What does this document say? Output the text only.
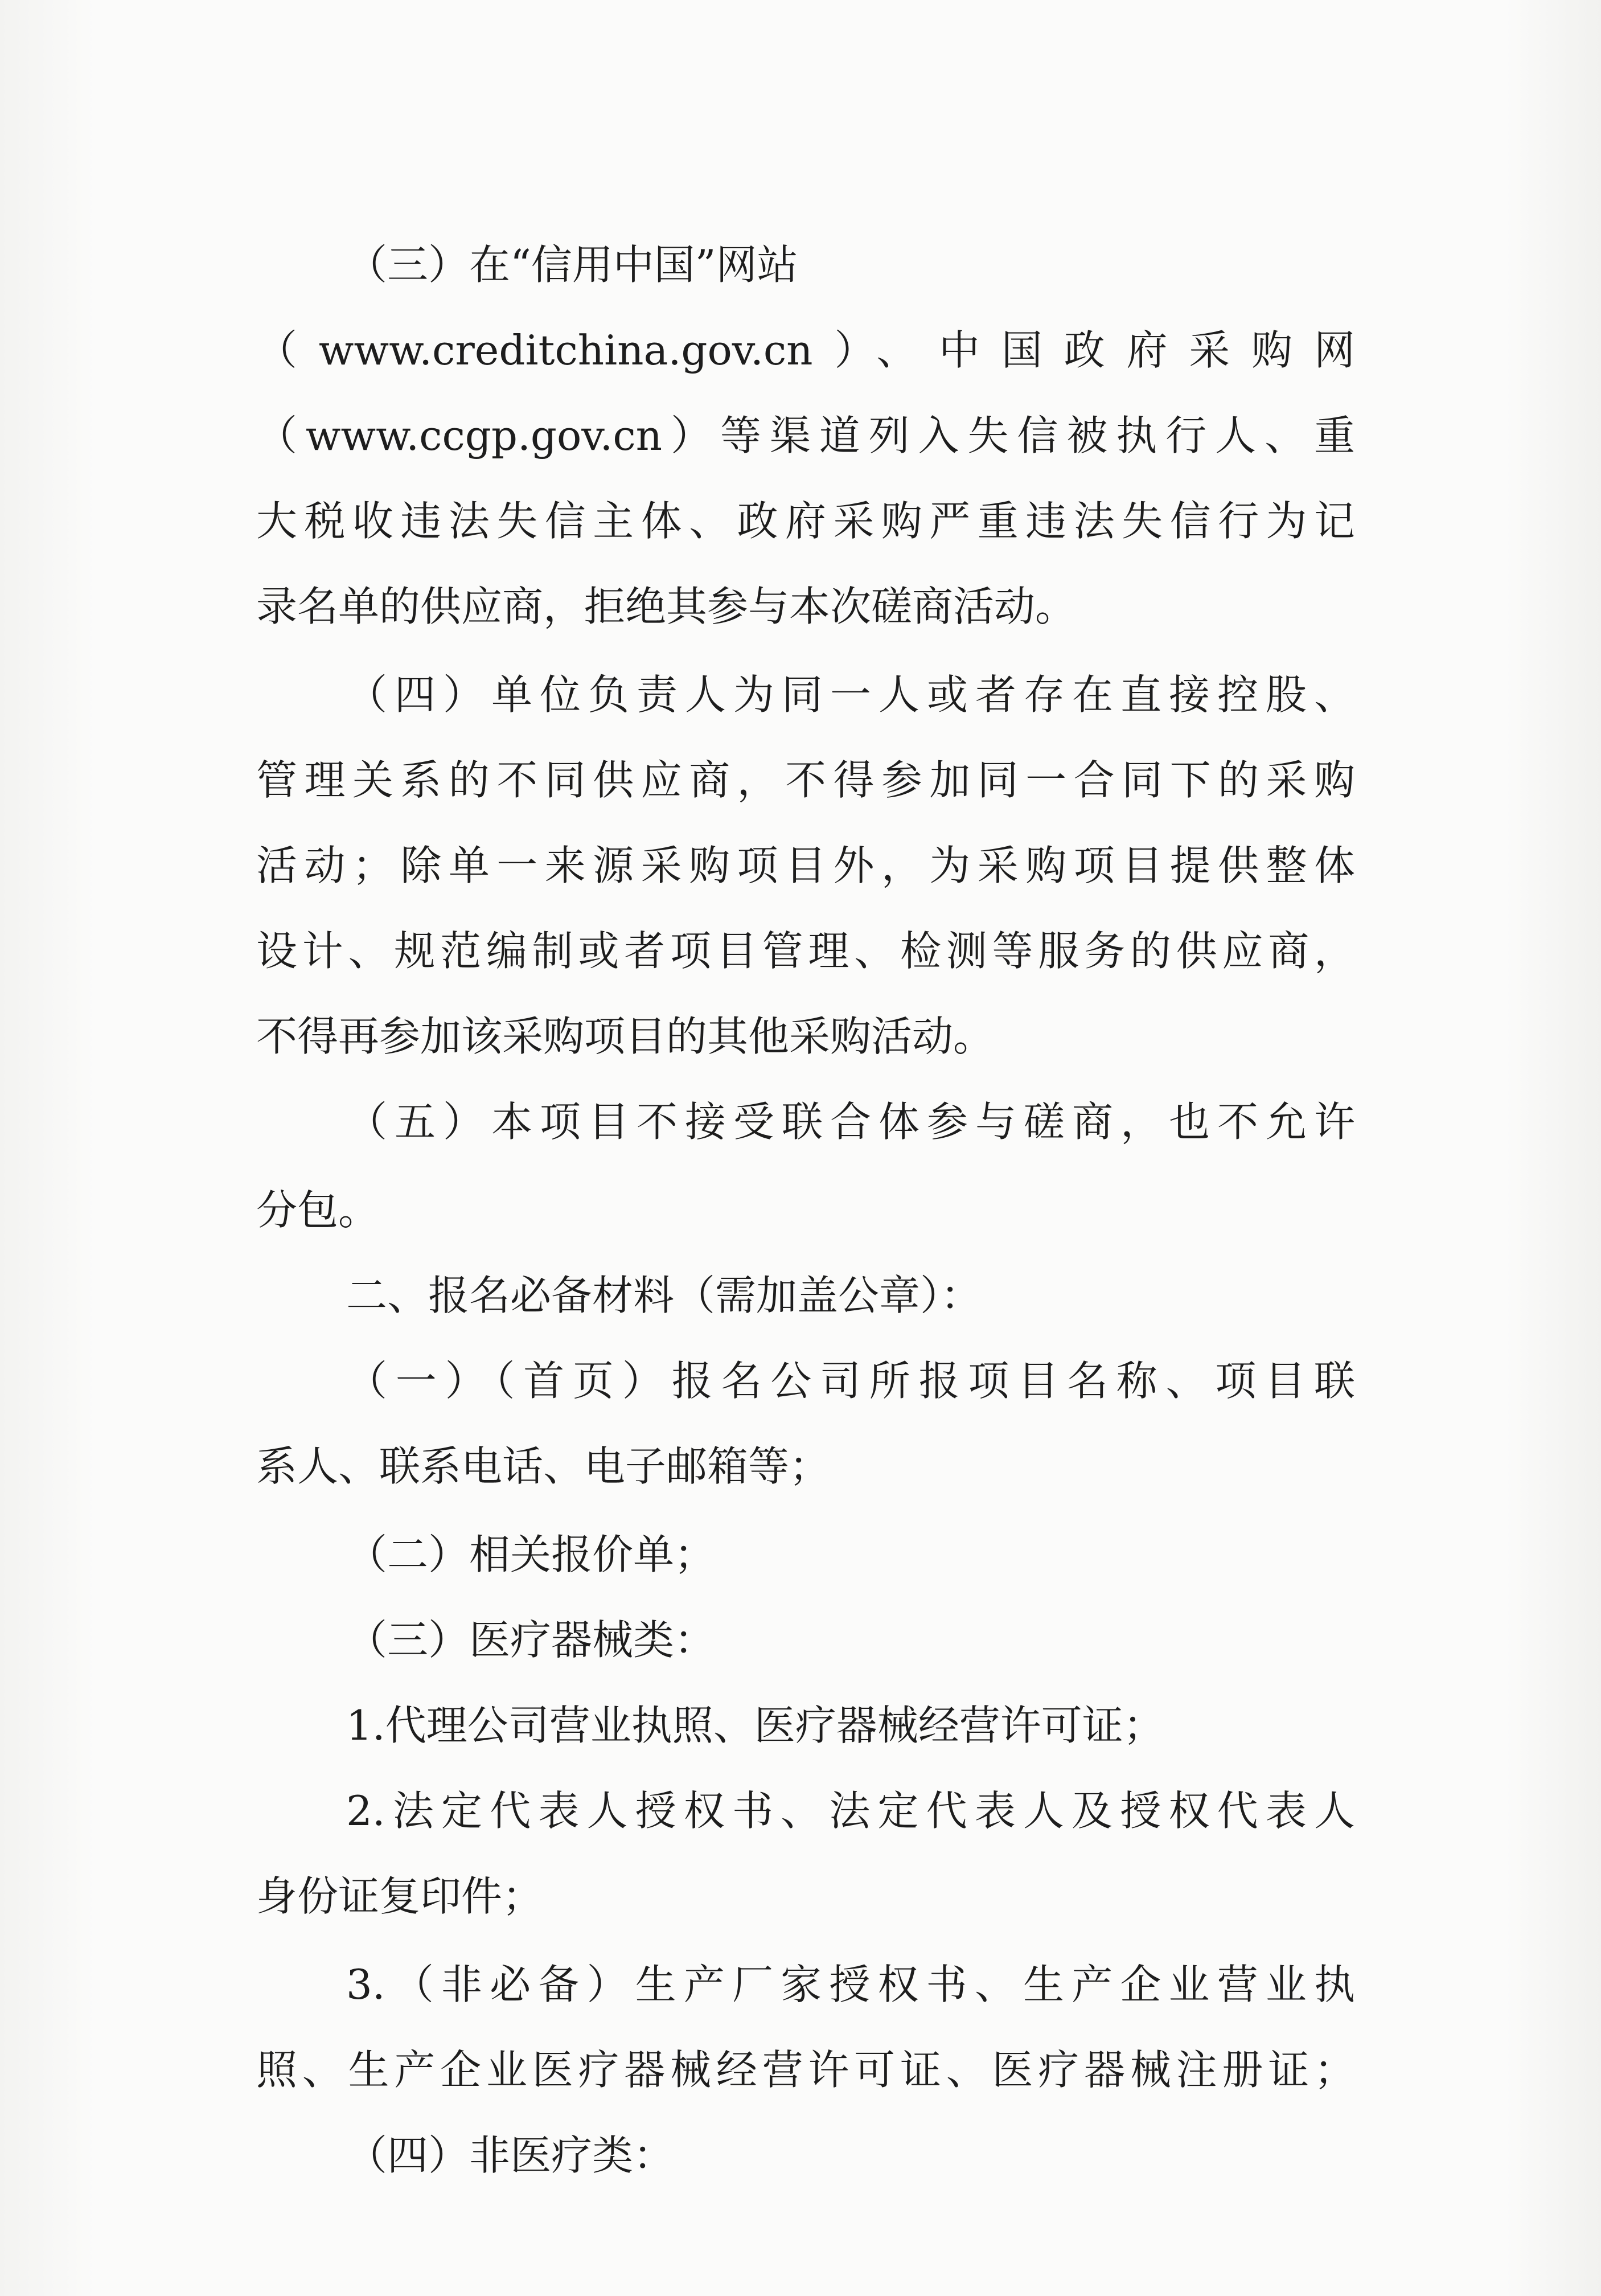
（三）在“信用中国”网站
（www.creditchina.gov.cn）、中国政府采购网
（www.ccgp.gov.cn）等渠道列入失信被执行人、重
大税收违法失信主体、政府采购严重违法失信行为记
录名单的供应商，拒绝其参与本次磋商活动。
（四）单位负责人为同一人或者存在直接控股、
管理关系的不同供应商，不得参加同一合同下的采购
活动；除单一来源采购项目外，为采购项目提供整体
设计、规范编制或者项目管理、检测等服务的供应商，
不得再参加该采购项目的其他采购活动。
（五）本项目不接受联合体参与磋商，也不允许
分包。
二、报名必备材料（需加盖公章）：
（一）（首页）报名公司所报项目名称、项目联
系人、联系电话、电子邮箱等；
（二）相关报价单；
（三）医疗器械类：
1.代理公司营业执照、医疗器械经营许可证；
2.法定代表人授权书、法定代表人及授权代表人
身份证复印件；
3.（非必备）生产厂家授权书、生产企业营业执
照、生产企业医疗器械经营许可证、医疗器械注册证；
（四）非医疗类：
